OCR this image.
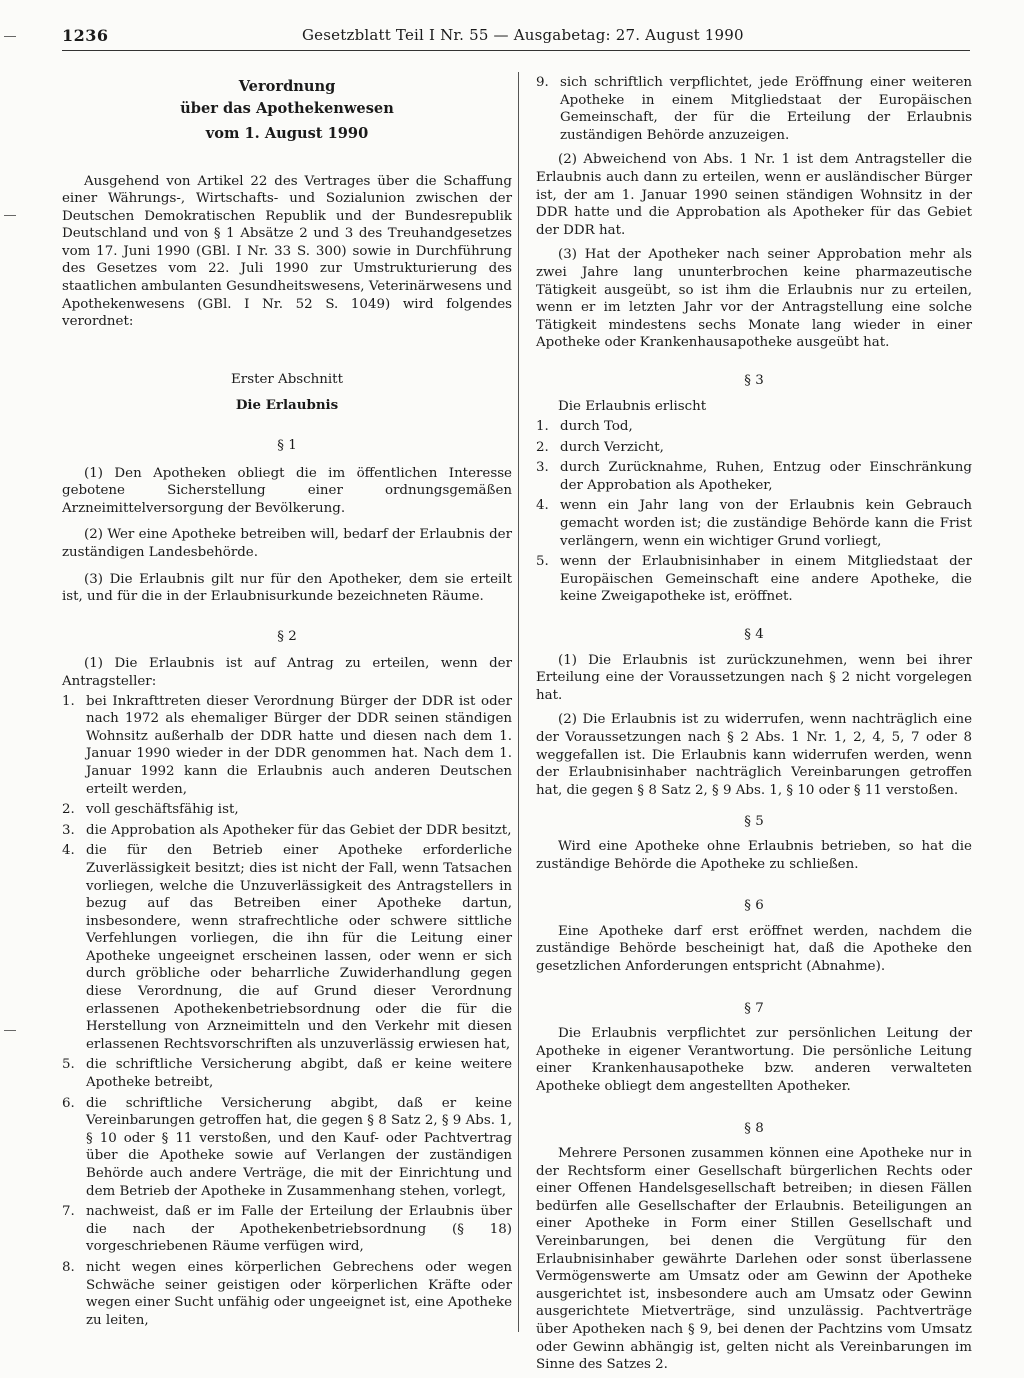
1236	Gesetzblatt Teil I Nr. 55 — Ausgabetag: 27. August 1990
Verordnung
über das Apothekenwesen
vom 1. August 1990

Ausgehend von Artikel 22 des Vertrages über die Schaffung einer Währungs-, Wirtschafts- und Sozialunion zwischen der Deutschen Demokratischen Republik und der Bundesrepublik Deutschland und von § 1 Absätze 2 und 3 des Treuhandgesetzes vom 17. Juni 1990 (GBl. I Nr. 33 S. 300) sowie in Durchführung des Gesetzes vom 22. Juli 1990 zur Umstrukturierung des staatlichen ambulanten Gesundheitswesens, Veterinärwesens und Apothekenwesens (GBl. I Nr. 52 S. 1049) wird folgendes verordnet:

Erster Abschnitt
Die Erlaubnis
§ 1

(1) Den Apotheken obliegt die im öffentlichen Interesse gebotene Sicherstellung einer ordnungsgemäßen Arzneimittelversorgung der Bevölkerung.

(2) Wer eine Apotheke betreiben will, bedarf der Erlaubnis der zuständigen Landesbehörde.

(3) Die Erlaubnis gilt nur für den Apotheker, dem sie erteilt ist, und für die in der Erlaubnisurkunde bezeichneten Räume.

§ 2

(1) Die Erlaubnis ist auf Antrag zu erteilen, wenn der Antragsteller:

1. bei Inkrafttreten dieser Verordnung Bürger der DDR ist oder nach 1972 als ehemaliger Bürger der DDR seinen ständigen Wohnsitz außerhalb der DDR hatte und diesen nach dem 1. Januar 1990 wieder in der DDR genommen hat. Nach dem 1. Januar 1992 kann die Erlaubnis auch anderen Deutschen erteilt werden,
2. voll geschäftsfähig ist,
3. die Approbation als Apotheker für das Gebiet der DDR besitzt,
4. die für den Betrieb einer Apotheke erforderliche Zuverlässigkeit besitzt; dies ist nicht der Fall, wenn Tatsachen vorliegen, welche die Unzuverlässigkeit des Antragstellers in bezug auf das Betreiben einer Apotheke dartun, insbesondere, wenn strafrechtliche oder schwere sittliche Verfehlungen vorliegen, die ihn für die Leitung einer Apotheke ungeeignet erscheinen lassen, oder wenn er sich durch gröbliche oder beharrliche Zuwiderhandlung gegen diese Verordnung, die auf Grund dieser Verordnung erlassenen Apothekenbetriebsordnung oder die für die Herstellung von Arzneimitteln und den Verkehr mit diesen erlassenen Rechtsvorschriften als unzuverlässig erwiesen hat,
5. die schriftliche Versicherung abgibt, daß er keine weitere Apotheke betreibt,
6. die schriftliche Versicherung abgibt, daß er keine Vereinbarungen getroffen hat, die gegen § 8 Satz 2, § 9 Abs. 1, § 10 oder § 11 verstoßen, und den Kauf- oder Pachtvertrag über die Apotheke sowie auf Verlangen der zuständigen Behörde auch andere Verträge, die mit der Einrichtung und dem Betrieb der Apotheke in Zusammenhang stehen, vorlegt,
7. nachweist, daß er im Falle der Erteilung der Erlaubnis über die nach der Apothekenbetriebsordnung (§ 18) vorgeschriebenen Räume verfügen wird,
8. nicht wegen eines körperlichen Gebrechens oder wegen Schwäche seiner geistigen oder körperlichen Kräfte oder wegen einer Sucht unfähig oder ungeeignet ist, eine Apotheke zu leiten,
9. sich schriftlich verpflichtet, jede Eröffnung einer weiteren Apotheke in einem Mitgliedstaat der Europäischen Gemeinschaft, der für die Erteilung der Erlaubnis zuständigen Behörde anzuzeigen.

(2) Abweichend von Abs. 1 Nr. 1 ist dem Antragsteller die Erlaubnis auch dann zu erteilen, wenn er ausländischer Bürger ist, der am 1. Januar 1990 seinen ständigen Wohnsitz in der DDR hatte und die Approbation als Apotheker für das Gebiet der DDR hat.

(3) Hat der Apotheker nach seiner Approbation mehr als zwei Jahre lang ununterbrochen keine pharmazeutische Tätigkeit ausgeübt, so ist ihm die Erlaubnis nur zu erteilen, wenn er im letzten Jahr vor der Antragstellung eine solche Tätigkeit mindestens sechs Monate lang wieder in einer Apotheke oder Krankenhausapotheke ausgeübt hat.

§ 3

Die Erlaubnis erlischt

1. durch Tod,
2. durch Verzicht,
3. durch Zurücknahme, Ruhen, Entzug oder Einschränkung der Approbation als Apotheker,
4. wenn ein Jahr lang von der Erlaubnis kein Gebrauch gemacht worden ist; die zuständige Behörde kann die Frist verlängern, wenn ein wichtiger Grund vorliegt,
5. wenn der Erlaubnisinhaber in einem Mitgliedstaat der Europäischen Gemeinschaft eine andere Apotheke, die keine Zweigapotheke ist, eröffnet.
§ 4

(1) Die Erlaubnis ist zurückzunehmen, wenn bei ihrer Erteilung eine der Voraussetzungen nach § 2 nicht vorgelegen hat.

(2) Die Erlaubnis ist zu widerrufen, wenn nachträglich eine der Voraussetzungen nach § 2 Abs. 1 Nr. 1, 2, 4, 5, 7 oder 8 weggefallen ist. Die Erlaubnis kann widerrufen werden, wenn der Erlaubnisinhaber nachträglich Vereinbarungen getroffen hat, die gegen § 8 Satz 2, § 9 Abs. 1, § 10 oder § 11 verstoßen.

§ 5

Wird eine Apotheke ohne Erlaubnis betrieben, so hat die zuständige Behörde die Apotheke zu schließen.

§ 6

Eine Apotheke darf erst eröffnet werden, nachdem die zuständige Behörde bescheinigt hat, daß die Apotheke den gesetzlichen Anforderungen entspricht (Abnahme).

§ 7

Die Erlaubnis verpflichtet zur persönlichen Leitung der Apotheke in eigener Verantwortung. Die persönliche Leitung einer Krankenhausapotheke bzw. anderen verwalteten Apotheke obliegt dem angestellten Apotheker.

§ 8

Mehrere Personen zusammen können eine Apotheke nur in der Rechtsform einer Gesellschaft bürgerlichen Rechts oder einer Offenen Handelsgesellschaft betreiben; in diesen Fällen bedürfen alle Gesellschafter der Erlaubnis. Beteiligungen an einer Apotheke in Form einer Stillen Gesellschaft und Vereinbarungen, bei denen die Vergütung für den Erlaubnisinhaber gewährte Darlehen oder sonst überlassene Vermögenswerte am Umsatz oder am Gewinn der Apotheke ausgerichtet ist, insbesondere auch am Umsatz oder Gewinn ausgerichtete Mietverträge, sind unzulässig. Pachtverträge über Apotheken nach § 9, bei denen der Pachtzins vom Umsatz oder Gewinn abhängig ist, gelten nicht als Vereinbarungen im Sinne des Satzes 2.
